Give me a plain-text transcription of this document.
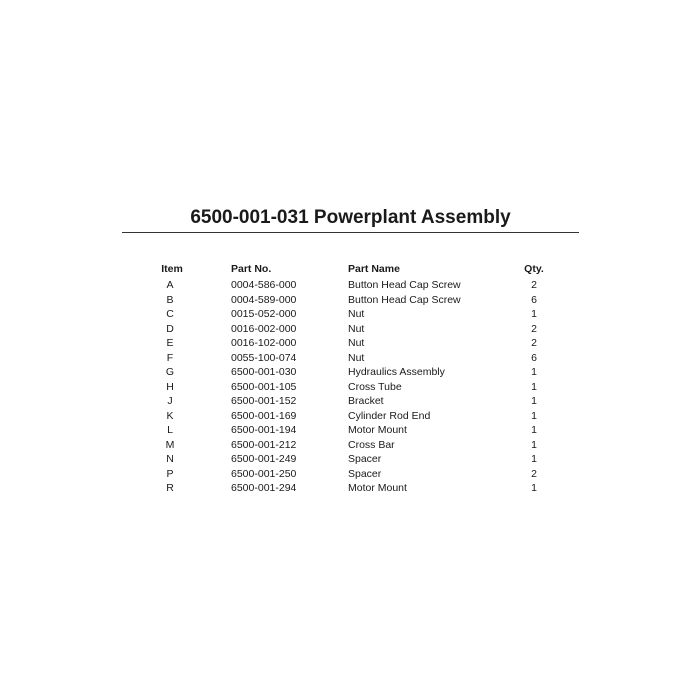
6500-001-031 Powerplant Assembly
Item	Part No.	Part Name	Qty.
A	0004-586-000	Button Head Cap Screw	2
B	0004-589-000	Button Head Cap Screw	6
C	0015-052-000	Nut	1
D	0016-002-000	Nut	2
E	0016-102-000	Nut	2
F	0055-100-074	Nut	6
G	6500-001-030	Hydraulics Assembly	1
H	6500-001-105	Cross Tube	1
J	6500-001-152	Bracket	1
K	6500-001-169	Cylinder Rod End	1
L	6500-001-194	Motor Mount	1
M	6500-001-212	Cross Bar	1
N	6500-001-249	Spacer	1
P	6500-001-250	Spacer	2
R	6500-001-294	Motor Mount	1
